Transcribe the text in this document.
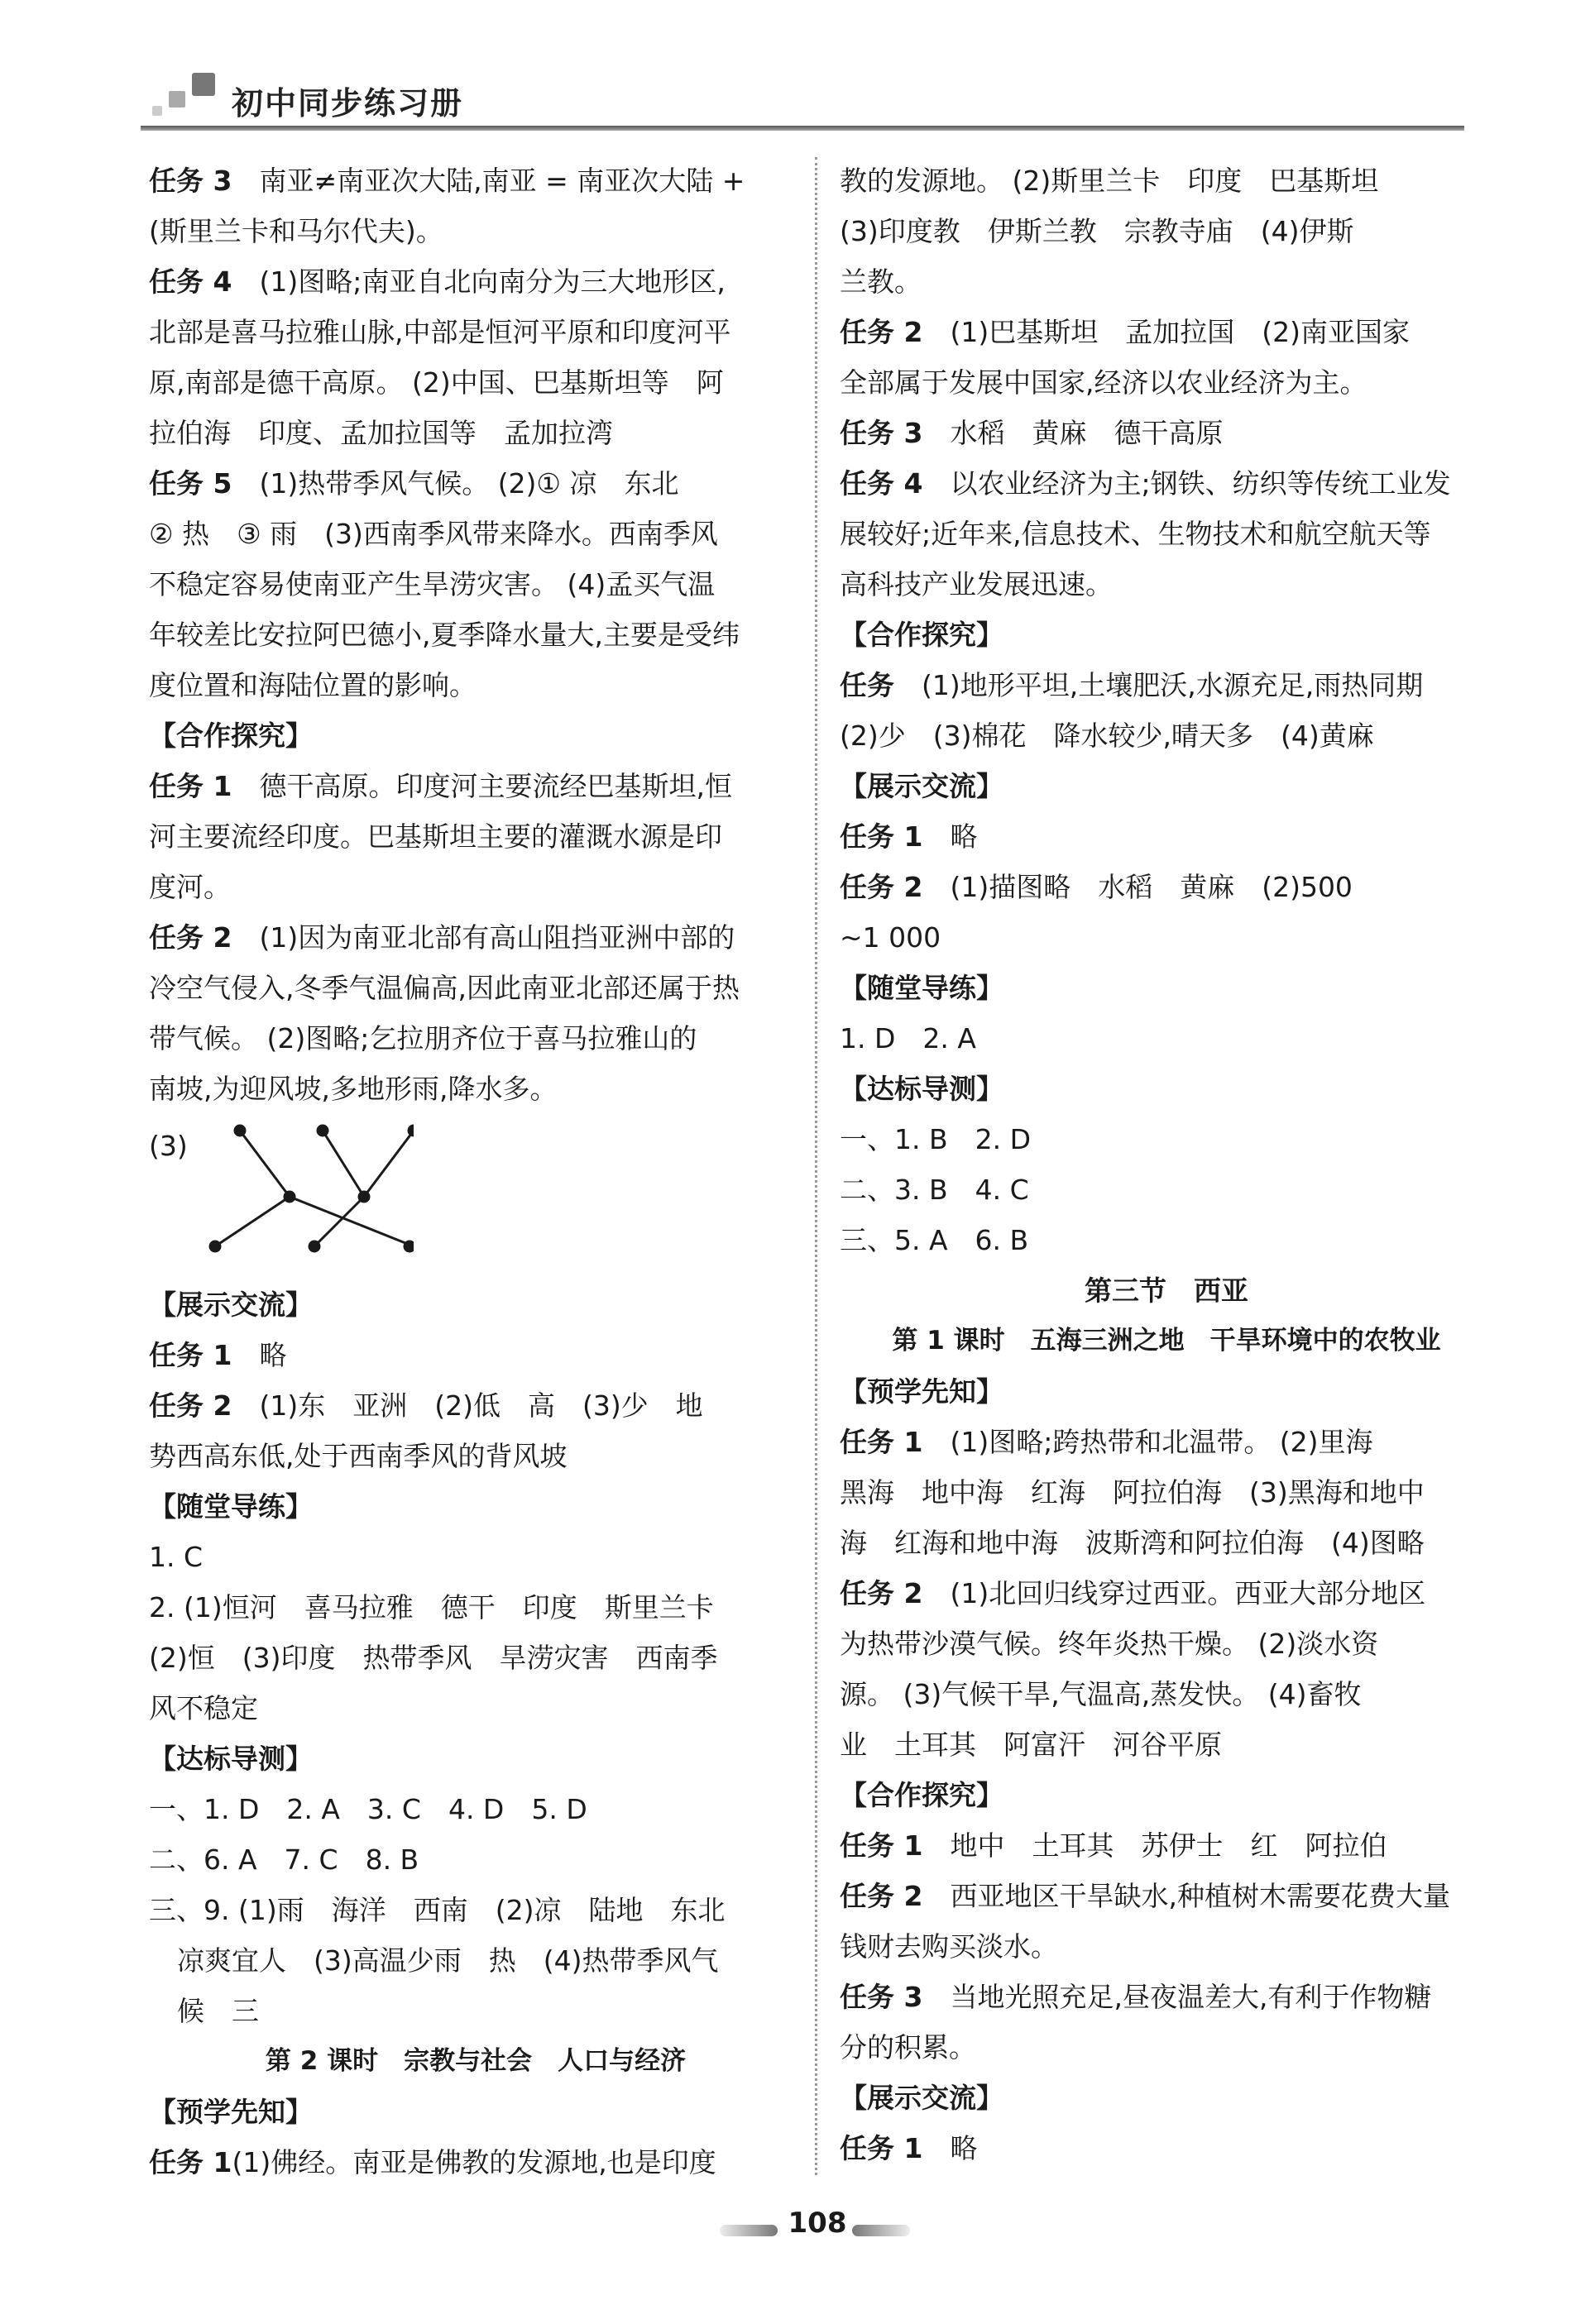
初中同步练习册

任务 3　 南亚≠南亚次大陆,南亚 = 南亚次大陆 +

(斯里兰卡和马尔代夫)。

任务 4　 (1)图略;南亚自北向南分为三大地形区,

北部是喜马拉雅山脉,中部是恒河平原和印度河平

原,南部是德干高原。 (2)中国、巴基斯坦等　阿

拉伯海　印度、孟加拉国等　孟加拉湾

任务 5　 (1)热带季风气候。 (2)① 凉　东北

② 热　③ 雨　(3)西南季风带来降水。西南季风

不稳定容易使南亚产生旱涝灾害。 (4)孟买气温

年较差比安拉阿巴德小,夏季降水量大,主要是受纬

度位置和海陆位置的影响。

【合作探究】

任务 1　 德干高原。印度河主要流经巴基斯坦,恒

河主要流经印度。巴基斯坦主要的灌溉水源是印

度河。

任务 2　 (1)因为南亚北部有高山阻挡亚洲中部的

冷空气侵入,冬季气温偏高,因此南亚北部还属于热

带气候。 (2)图略;乞拉朋齐位于喜马拉雅山的

南坡,为迎风坡,多地形雨,降水多。

(3)

【展示交流】

任务 1　 略

任务 2　 (1)东　亚洲　(2)低　高　(3)少　地

势西高东低,处于西南季风的背风坡

【随堂导练】

1. C

2. (1)恒河　喜马拉雅　德干　印度　斯里兰卡

(2)恒　(3)印度　热带季风　旱涝灾害　西南季

风不稳定

【达标导测】

一、1. D　2. A　3. C　4. D　5. D

二、6. A　7. C　8. B

三、9. (1)雨　海洋　西南　(2)凉　陆地　东北

凉爽宜人　(3)高温少雨　热　(4)热带季风气

候　三

第 2 课时　宗教与社会　人口与经济

【预学先知】

任务 1(1)佛经。南亚是佛教的发源地,也是印度

教的发源地。 (2)斯里兰卡　印度　巴基斯坦

(3)印度教　伊斯兰教　宗教寺庙　(4)伊斯

兰教。

任务 2　 (1)巴基斯坦　孟加拉国　(2)南亚国家

全部属于发展中国家,经济以农业经济为主。

任务 3　 水稻　黄麻　德干高原

任务 4　 以农业经济为主;钢铁、纺织等传统工业发

展较好;近年来,信息技术、生物技术和航空航天等

高科技产业发展迅速。

【合作探究】

任务　 (1)地形平坦,土壤肥沃,水源充足,雨热同期

(2)少　(3)棉花　降水较少,晴天多　(4)黄麻

【展示交流】

任务 1　 略

任务 2　 (1)描图略　水稻　黄麻　(2)500

~1 000

【随堂导练】

1. D　2. A

【达标导测】

一、1. B　2. D

二、3. B　4. C

三、5. A　6. B

第三节　西亚

第 1 课时　五海三洲之地　干旱环境中的农牧业

【预学先知】

任务 1　 (1)图略;跨热带和北温带。 (2)里海

黑海　地中海　红海　阿拉伯海　(3)黑海和地中

海　红海和地中海　波斯湾和阿拉伯海　(4)图略

任务 2　 (1)北回归线穿过西亚。西亚大部分地区

为热带沙漠气候。终年炎热干燥。 (2)淡水资

源。 (3)气候干旱,气温高,蒸发快。 (4)畜牧

业　土耳其　阿富汗　河谷平原

【合作探究】

任务 1　 地中　土耳其　苏伊士　红　阿拉伯

任务 2　 西亚地区干旱缺水,种植树木需要花费大量

钱财去购买淡水。

任务 3　 当地光照充足,昼夜温差大,有利于作物糖

分的积累。

【展示交流】

任务 1　 略

108
